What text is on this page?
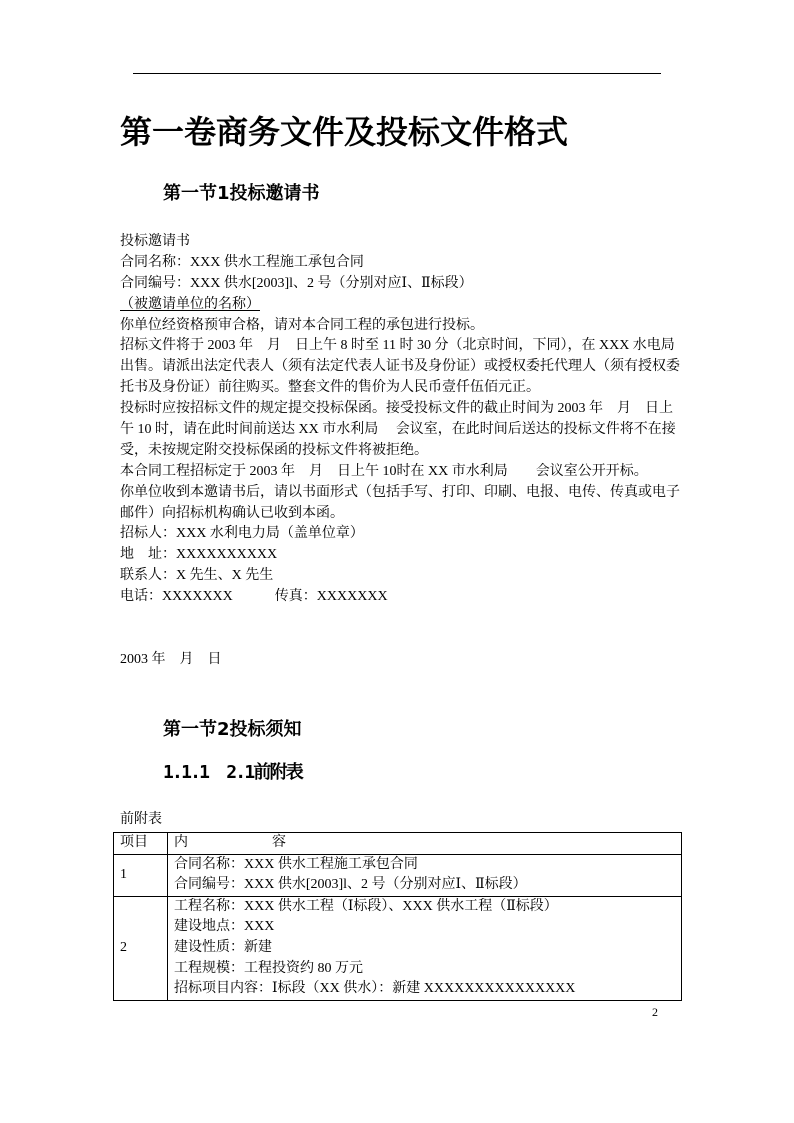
第一卷商务文件及投标文件格式
第一节1投标邀请书
投标邀请书
合同名称：XXX 供水工程施工承包合同
合同编号：XXX 供水[2003]l、2 号（分别对应Ⅰ、Ⅱ标段）
（被邀请单位的名称）
你单位经资格预审合格，请对本合同工程的承包进行投标。
招标文件将于 2003 年　月　日上午 8 时至 11 时 30 分（北京时间，下同），在 XXX 水电局
出售。请派出法定代表人（须有法定代表人证书及身份证）或授权委托代理人（须有授权委
托书及身份证）前往购买。整套文件的售价为人民币壹仟伍佰元正。
投标时应按招标文件的规定提交投标保函。接受投标文件的截止时间为 2003 年　月　日上
午 10 时，请在此时间前送达 XX 市水利局　 会议室，在此时间后送达的投标文件将不在接
受，未按规定附交投标保函的投标文件将被拒绝。
本合同工程招标定于 2003 年　月　日上午 10时在 XX 市水利局　　会议室公开开标。
你单位收到本邀请书后，请以书面形式（包括手写、打印、印刷、电报、电传、传真或电子
邮件）向招标机构确认已收到本函。
招标人：XXX 水利电力局（盖单位章）
地　址：XXXXXXXXXX
联系人：X 先生、X 先生
电话：XXXXXXX	传真：XXXXXXX
2003 年　月　日
第一节2投标须知
1.1.1  2.1前附表
前附表
项目	内　　　　　　容
1	合同名称：XXX 供水工程施工承包合同
合同编号：XXX 供水[2003]l、2 号（分别对应Ⅰ、Ⅱ标段）

2	工程名称：XXX 供水工程（Ⅰ标段）、XXX 供水工程（Ⅱ标段）
建设地点：XXX
建设性质：新建
工程规模：工程投资约 80 万元
招标项目内容：Ⅰ标段（XX 供水）：新建 XXXXXXXXXXXXXXX
2
